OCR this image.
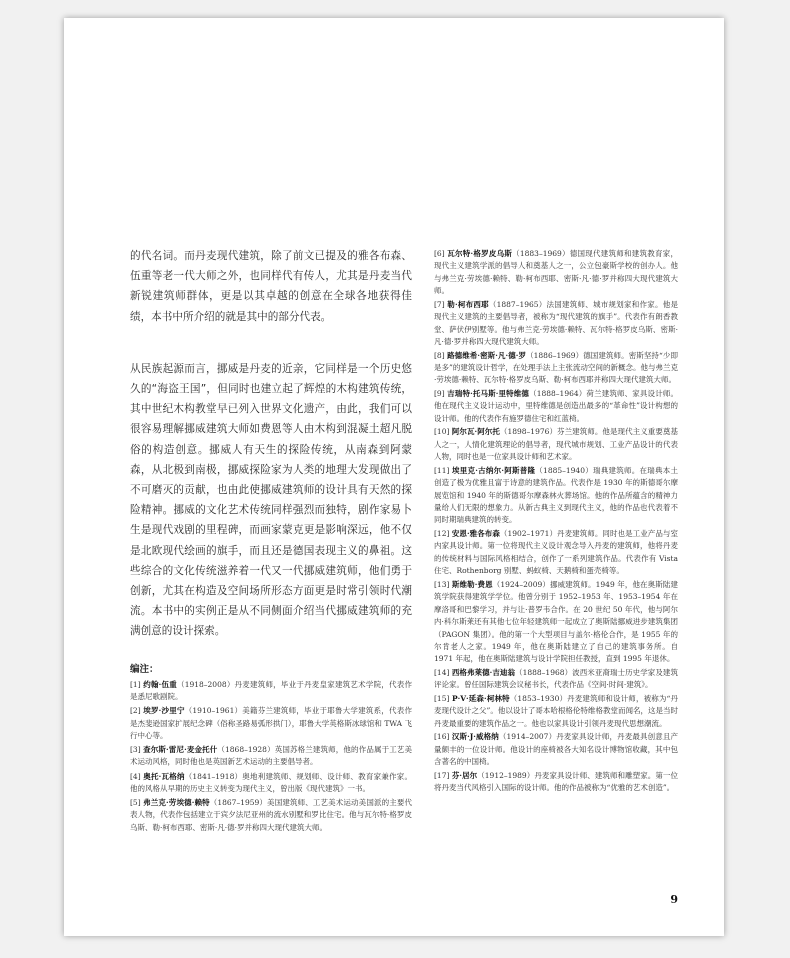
的代名词。而丹麦现代建筑，除了前文已提及的雅各布森、伍重等老一代大师之外，也同样代有传人，尤其是丹麦当代新锐建筑师群体，更是以其卓越的创意在全球各地获得佳绩，本书中所介绍的就是其中的部分代表。

从民族起源而言，挪威是丹麦的近亲，它同样是一个历史悠久的“海盗王国”，但同时也建立起了辉煌的木构建筑传统，其中世纪木构教堂早已列入世界文化遗产，由此，我们可以很容易理解挪威建筑大师如费恩等人由木构到混凝土超凡脱俗的构造创意。挪威人有天生的探险传统，从南森到阿蒙森，从北极到南极，挪威探险家为人类的地理大发现做出了不可磨灭的贡献，也由此使挪威建筑师的设计具有天然的探险精神。挪威的文化艺术传统同样强烈而独特，剧作家易卜生是现代戏剧的里程碑，而画家蒙克更是影响深远，他不仅是北欧现代绘画的旗手，而且还是德国表现主义的鼻祖。这些综合的文化传统滋养着一代又一代挪威建筑师，他们勇于创新，尤其在构造及空间场所形态方面更是时常引领时代潮流。本书中的实例正是从不同侧面介绍当代挪威建筑师的充满创意的设计探索。

编注：

[1] 约翰·伍重（1918–2008）丹麦建筑师，毕业于丹麦皇家建筑艺术学院，代表作是悉尼歌剧院。

[2] 埃罗·沙里宁（1910–1961）美籍芬兰建筑师，毕业于耶鲁大学建筑系，代表作是杰斐逊国家扩展纪念碑（俗称圣路易弧形拱门），耶鲁大学英格斯冰球馆和 TWA 飞行中心等。

[3] 查尔斯·雷尼·麦金托什（1868–1928）英国苏格兰建筑师，他的作品属于工艺美术运动风格，同时他也是英国新艺术运动的主要倡导者。

[4] 奥托·瓦格纳（1841–1918）奥地利建筑师、规划师、设计师、教育家兼作家。他的风格从早期的历史主义转变为现代主义，曾出版《现代建筑》一书。

[5] 弗兰克·劳埃德·赖特（1867–1959）美国建筑师、工艺美术运动美国派的主要代表人物，代表作包括建立于宾夕法尼亚州的流水别墅和罗比住宅。他与瓦尔特·格罗皮乌斯、勒·柯布西耶、密斯·凡·德·罗并称四大现代建筑大师。

[6] 瓦尔特·格罗皮乌斯（1883–1969）德国现代建筑师和建筑教育家，现代主义建筑学派的倡导人和奠基人之一，公立包豪斯学校的创办人。他与弗兰克·劳埃德·赖特、勒·柯布西耶、密斯·凡·德·罗并称四大现代建筑大师。

[7] 勒·柯布西耶（1887–1965）法国建筑师、城市规划家和作家。他是现代主义建筑的主要倡导者，被称为“现代建筑的旗手”。代表作有朗香教堂、萨伏伊别墅等。他与弗兰克·劳埃德·赖特、瓦尔特·格罗皮乌斯、密斯·凡·德·罗并称四大现代建筑大师。

[8] 路德维希·密斯·凡·德·罗（1886–1969）德国建筑师。密斯坚持“少即是多”的建筑设计哲学，在处理手法上主张流动空间的新概念。他与弗兰克·劳埃德·赖特、瓦尔特·格罗皮乌斯、勒·柯布西耶并称四大现代建筑大师。

[9] 吉瑞特·托马斯·里特维德（1888–1964）荷兰建筑师、家具设计师。他在现代主义设计运动中，里特维德是创造出最多的“革命性”设计构想的设计师。他的代表作有施罗德住宅和红蓝椅。

[10] 阿尔瓦·阿尔托（1898–1976）芬兰建筑师。他是现代主义重要奠基人之一，人情化建筑理论的倡导者，现代城市规划、工业产品设计的代表人物，同时也是一位家具设计师和艺术家。

[11] 埃里克·古纳尔·阿斯普隆（1885–1940）瑞典建筑师。在瑞典本土创造了极为优雅且富于诗意的建筑作品。代表作是 1930 年的斯德哥尔摩展览馆和 1940 年的斯德哥尔摩森林火葬场馆。他的作品所蕴含的精神力量给人们无限的想象力。从新古典主义到现代主义，他的作品也代表着不同时期瑞典建筑的转变。

[12] 安恩·雅各布森（1902–1971）丹麦建筑师。同时也是工业产品与室内家具设计师。第一位将现代主义设计观念导入丹麦的建筑师，他将丹麦的传统材料与国际风格相结合，创作了一系列建筑作品。代表作有 Vista 住宅、Rothenborg 别墅、蚂蚁椅、天鹅椅和蛋壳椅等。

[13] 斯维勒·费恩（1924–2009）挪威建筑师。1949 年，他在奥斯陆建筑学院获得建筑学学位。他曾分别于 1952–1953 年、1953–1954 年在摩洛哥和巴黎学习，并与让·普罗韦合作。在 20 世纪 50 年代，他与阿尔内·科尔斯莱还有其他七位年轻建筑师一起成立了奥斯陆挪威进步建筑集团（PAGON 集团）。他的第一个大型项目与盖尔·格伦合作，是 1955 年的尔肯老人之家。1949 年，他在奥斯陆建立了自己的建筑事务所。自 1971 年起，他在奥斯陆建筑与设计学院担任教授，直到 1995 年退休。

[14] 西格弗莱德·吉迪翁（1888–1968）波西米亚裔瑞士历史学家及建筑评论家。曾任国际建筑会议秘书长，代表作品《空间·时间·建筑》。

[15] P·V·延森·柯林特（1853–1930）丹麦建筑师和设计师，被称为“丹麦现代设计之父”。他以设计了哥本哈根格伦特维格教堂而闻名，这是当时丹麦最重要的建筑作品之一。他也以家具设计引领丹麦现代思想潮流。

[16] 汉斯·J·威格纳（1914–2007）丹麦家具设计师，丹麦最具创意且产量颇丰的一位设计师。他设计的座椅被各大知名设计博物馆收藏，其中包含著名的中国椅。

[17] 芬·居尔（1912–1989）丹麦家具设计师、建筑师和雕塑家。第一位将丹麦当代风格引入国际的设计师。他的作品被称为“优雅的艺术创造”。

9
